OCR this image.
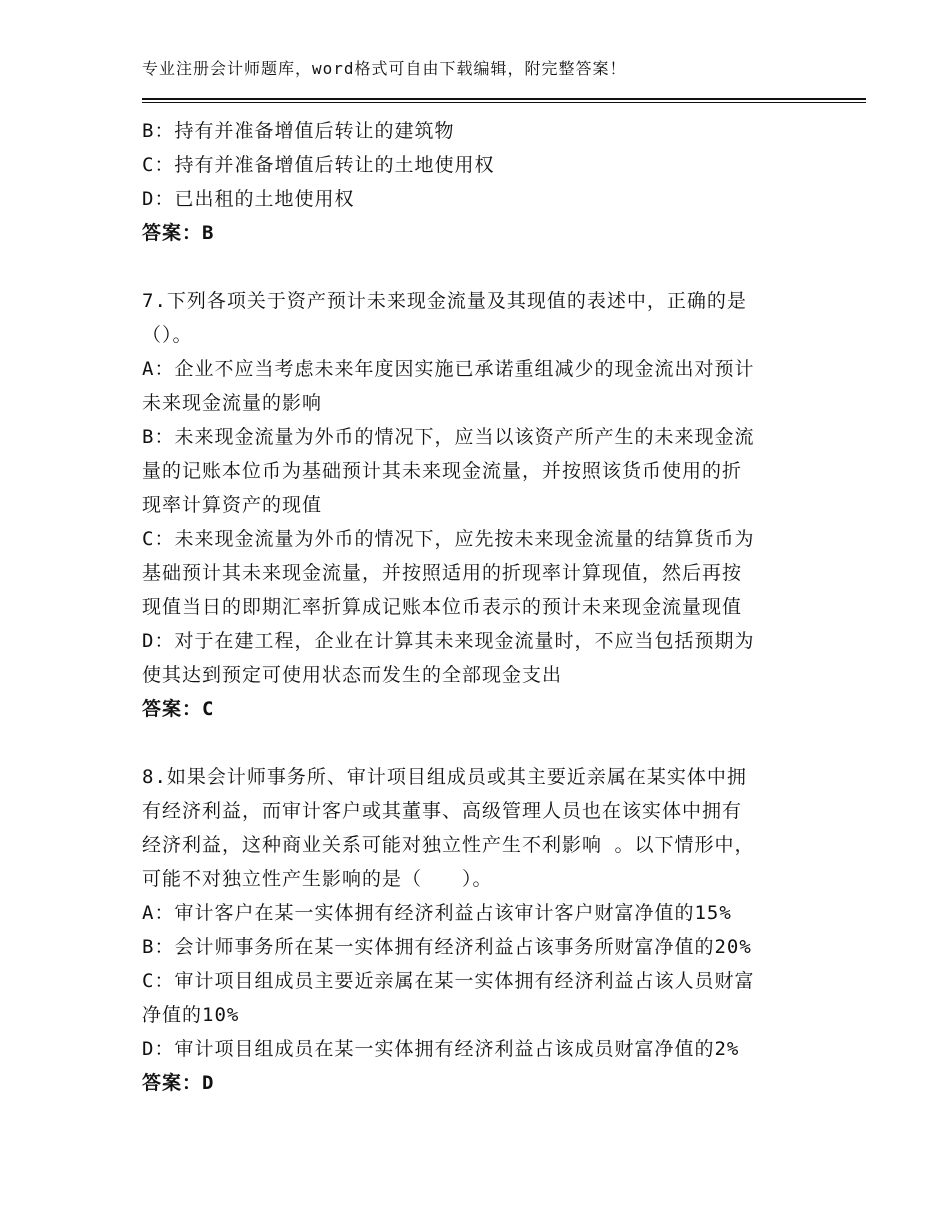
专业注册会计师题库，word格式可自由下载编辑，附完整答案！
B：持有并准备增值后转让的建筑物
C：持有并准备增值后转让的土地使用权
D：已出租的土地使用权
答案：B
7.下列各项关于资产预计未来现金流量及其现值的表述中，正确的是
（）。
A：企业不应当考虑未来年度因实施已承诺重组减少的现金流出对预计
未来现金流量的影响
B：未来现金流量为外币的情况下，应当以该资产所产生的未来现金流
量的记账本位币为基础预计其未来现金流量，并按照该货币使用的折
现率计算资产的现值
C：未来现金流量为外币的情况下，应先按未来现金流量的结算货币为
基础预计其未来现金流量，并按照适用的折现率计算现值，然后再按
现值当日的即期汇率折算成记账本位币表示的预计未来现金流量现值
D：对于在建工程，企业在计算其未来现金流量时，不应当包括预期为
使其达到预定可使用状态而发生的全部现金支出
答案：C
8.如果会计师事务所、审计项目组成员或其主要近亲属在某实体中拥
有经济利益，而审计客户或其董事、高级管理人员也在该实体中拥有
经济利益，这种商业关系可能对独立性产生不利影响 。以下情形中，
可能不对独立性产生影响的是（　　）。
A：审计客户在某一实体拥有经济利益占该审计客户财富净值的15%
B：会计师事务所在某一实体拥有经济利益占该事务所财富净值的20%
C：审计项目组成员主要近亲属在某一实体拥有经济利益占该人员财富
净值的10%
D：审计项目组成员在某一实体拥有经济利益占该成员财富净值的2%
答案：D
